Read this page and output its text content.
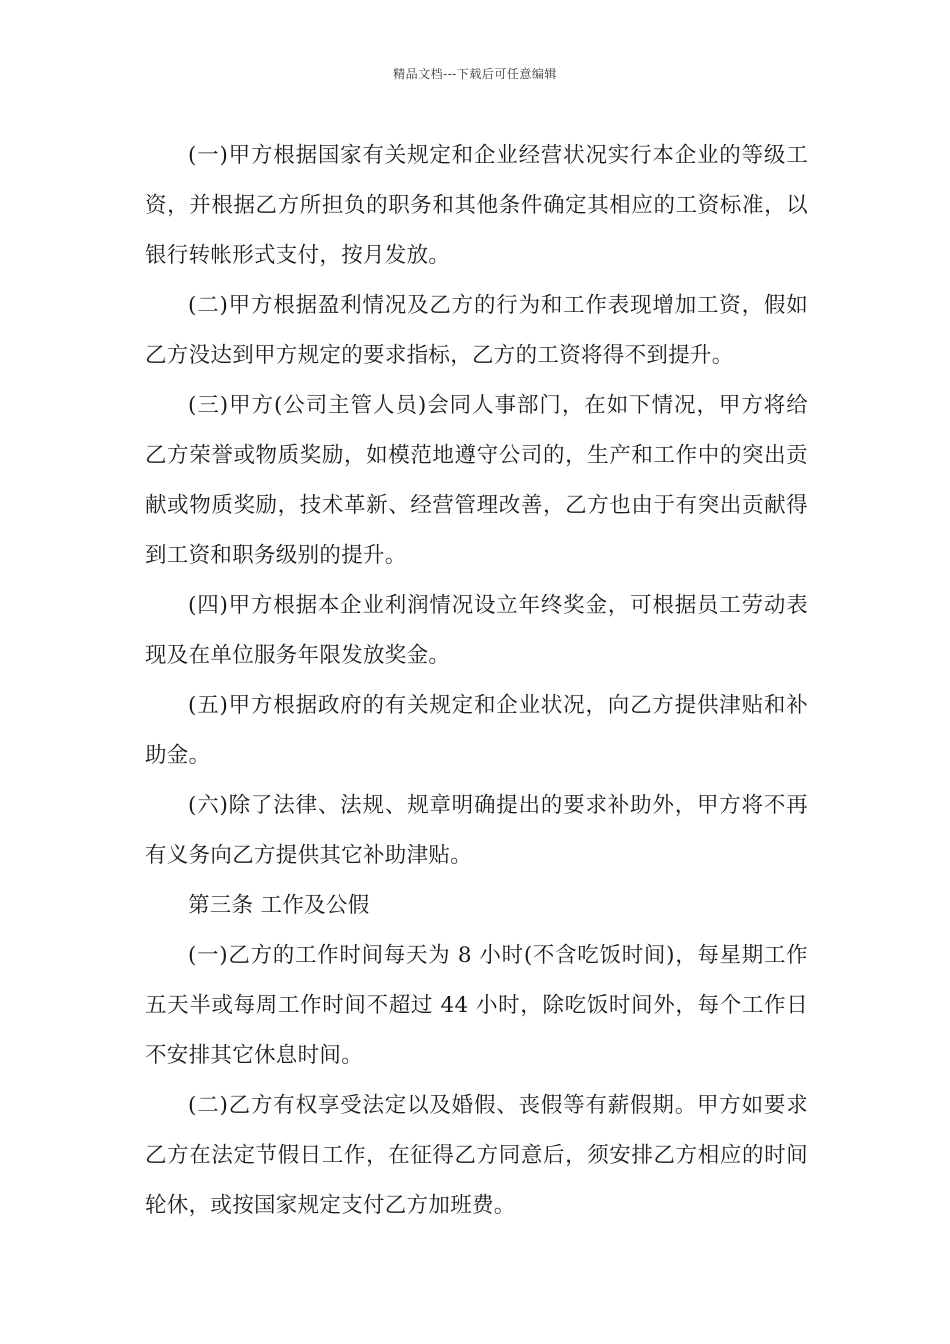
精品文档---下载后可任意编辑

(一)甲方根据国家有关规定和企业经营状况实行本企业的等级工资，并根据乙方所担负的职务和其他条件确定其相应的工资标准，以银行转帐形式支付，按月发放。

(二)甲方根据盈利情况及乙方的行为和工作表现增加工资，假如乙方没达到甲方规定的要求指标，乙方的工资将得不到提升。

(三)甲方(公司主管人员)会同人事部门，在如下情况，甲方将给乙方荣誉或物质奖励，如模范地遵守公司的，生产和工作中的突出贡献或物质奖励，技术革新、经营管理改善，乙方也由于有突出贡献得到工资和职务级别的提升。

(四)甲方根据本企业利润情况设立年终奖金，可根据员工劳动表现及在单位服务年限发放奖金。

(五)甲方根据政府的有关规定和企业状况，向乙方提供津贴和补助金。

(六)除了法律、法规、规章明确提出的要求补助外，甲方将不再有义务向乙方提供其它补助津贴。

第三条 工作及公假

(一)乙方的工作时间每天为 8 小时(不含吃饭时间)，每星期工作五天半或每周工作时间不超过 44 小时，除吃饭时间外，每个工作日不安排其它休息时间。

(二)乙方有权享受法定以及婚假、丧假等有薪假期。甲方如要求乙方在法定节假日工作，在征得乙方同意后，须安排乙方相应的时间轮休，或按国家规定支付乙方加班费。
